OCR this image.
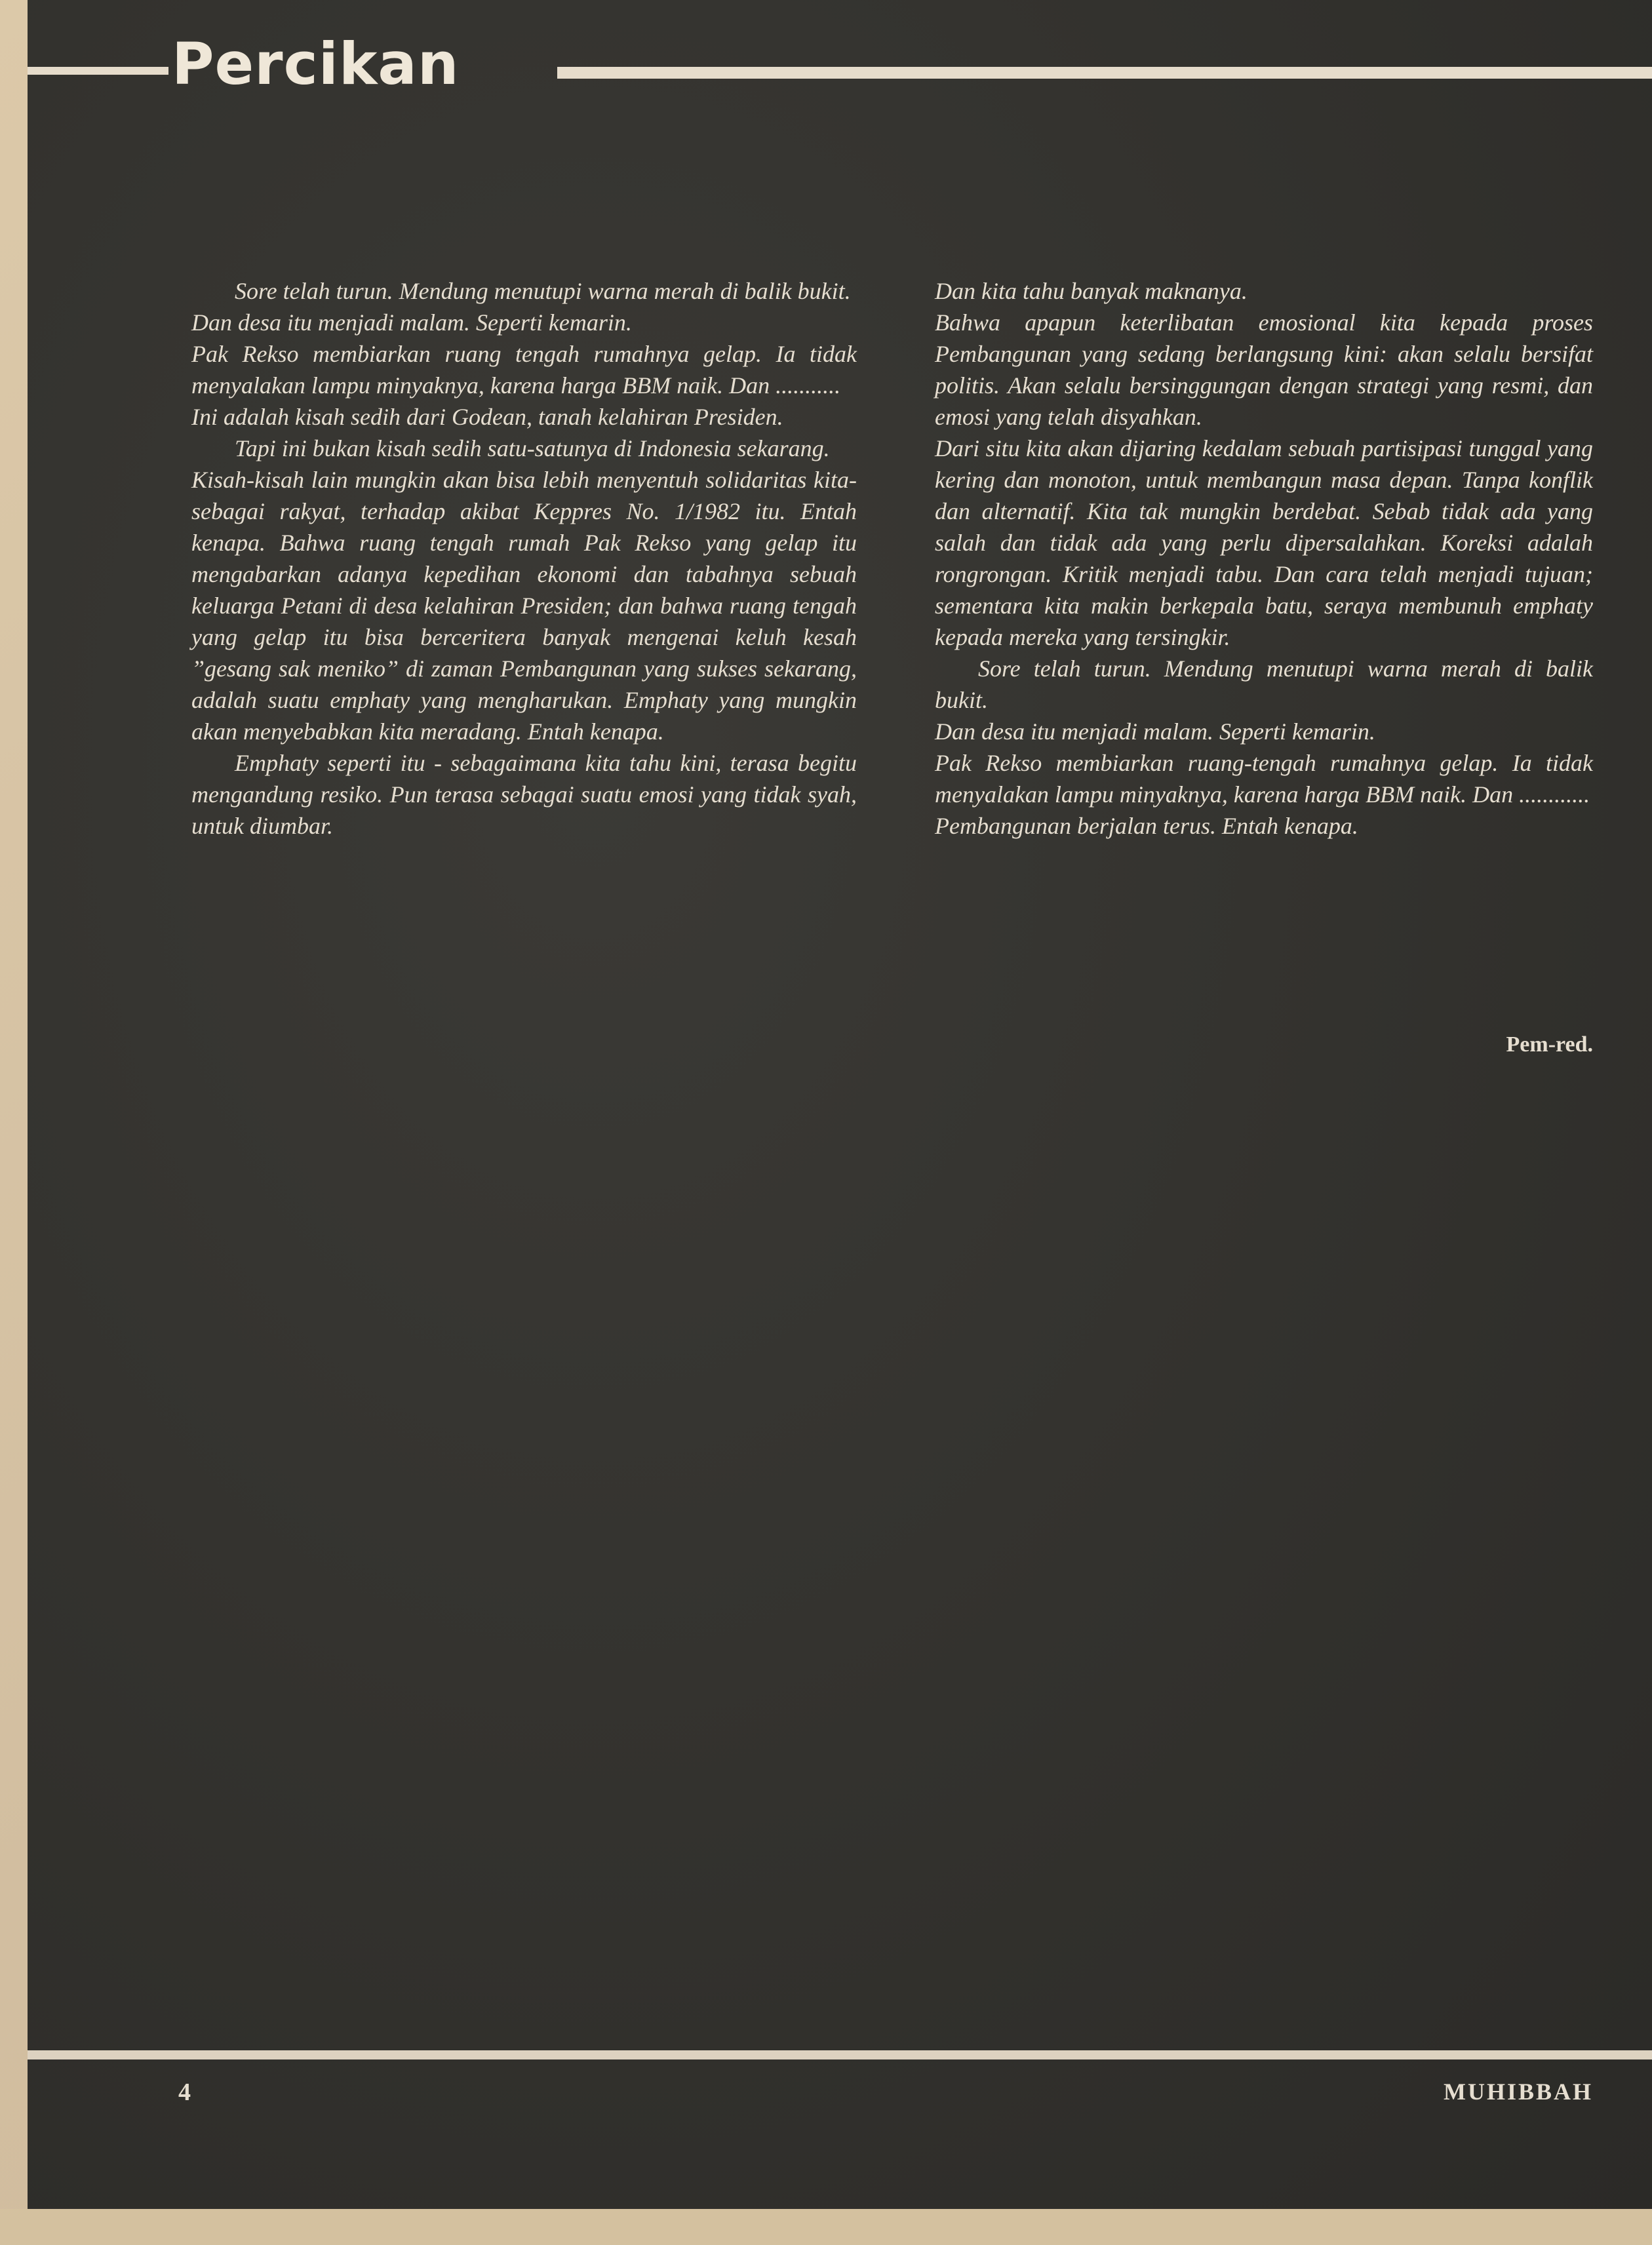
Percikan

Sore telah turun. Mendung menutupi warna merah di balik bukit.

Dan desa itu menjadi malam. Seperti kemarin.

Pak Rekso membiarkan ruang tengah rumahnya gelap. Ia tidak menyalakan lampu minyaknya, karena harga BBM naik. Dan ...........

Ini adalah kisah sedih dari Godean, tanah kelahiran Presiden.

Tapi ini bukan kisah sedih satu-satunya di Indonesia sekarang.

Kisah-kisah lain mungkin akan bisa lebih menyentuh solidaritas kita-sebagai rakyat, terhadap akibat Keppres No. 1/1982 itu. Entah kenapa. Bahwa ruang tengah rumah Pak Rekso yang gelap itu mengabarkan adanya kepedihan ekonomi dan tabahnya sebuah keluarga Petani di desa kelahiran Presiden; dan bahwa ruang tengah yang gelap itu bisa berceritera banyak mengenai keluh kesah ”gesang sak meniko” di zaman Pembangunan yang sukses sekarang, adalah suatu emphaty yang mengharukan. Emphaty yang mungkin akan menyebabkan kita meradang. Entah kenapa.

Emphaty seperti itu - sebagaimana kita tahu kini, terasa begitu mengandung resiko. Pun terasa sebagai suatu emosi yang tidak syah, untuk diumbar.

Dan kita tahu banyak maknanya.

Bahwa apapun keterlibatan emosional kita kepada proses Pembangunan yang sedang berlangsung kini: akan selalu bersifat politis. Akan selalu bersinggungan dengan strategi yang resmi, dan emosi yang telah disyahkan.

Dari situ kita akan dijaring kedalam sebuah partisipasi tunggal yang kering dan monoton, untuk membangun masa depan. Tanpa konflik dan alternatif. Kita tak mungkin berdebat. Sebab tidak ada yang salah dan tidak ada yang perlu dipersalahkan. Koreksi adalah rongrongan. Kritik menjadi tabu. Dan cara telah menjadi tujuan; sementara kita makin berkepala batu, seraya membunuh emphaty kepada mereka yang tersingkir.

Sore telah turun. Mendung menutupi warna merah di balik bukit.

Dan desa itu menjadi malam. Seperti kemarin.

Pak Rekso membiarkan ruang-tengah rumahnya gelap. Ia tidak menyalakan lampu minyaknya, karena harga BBM naik. Dan ............

Pembangunan berjalan terus. Entah kenapa.

Pem-red.
4	MUHIBBAH
